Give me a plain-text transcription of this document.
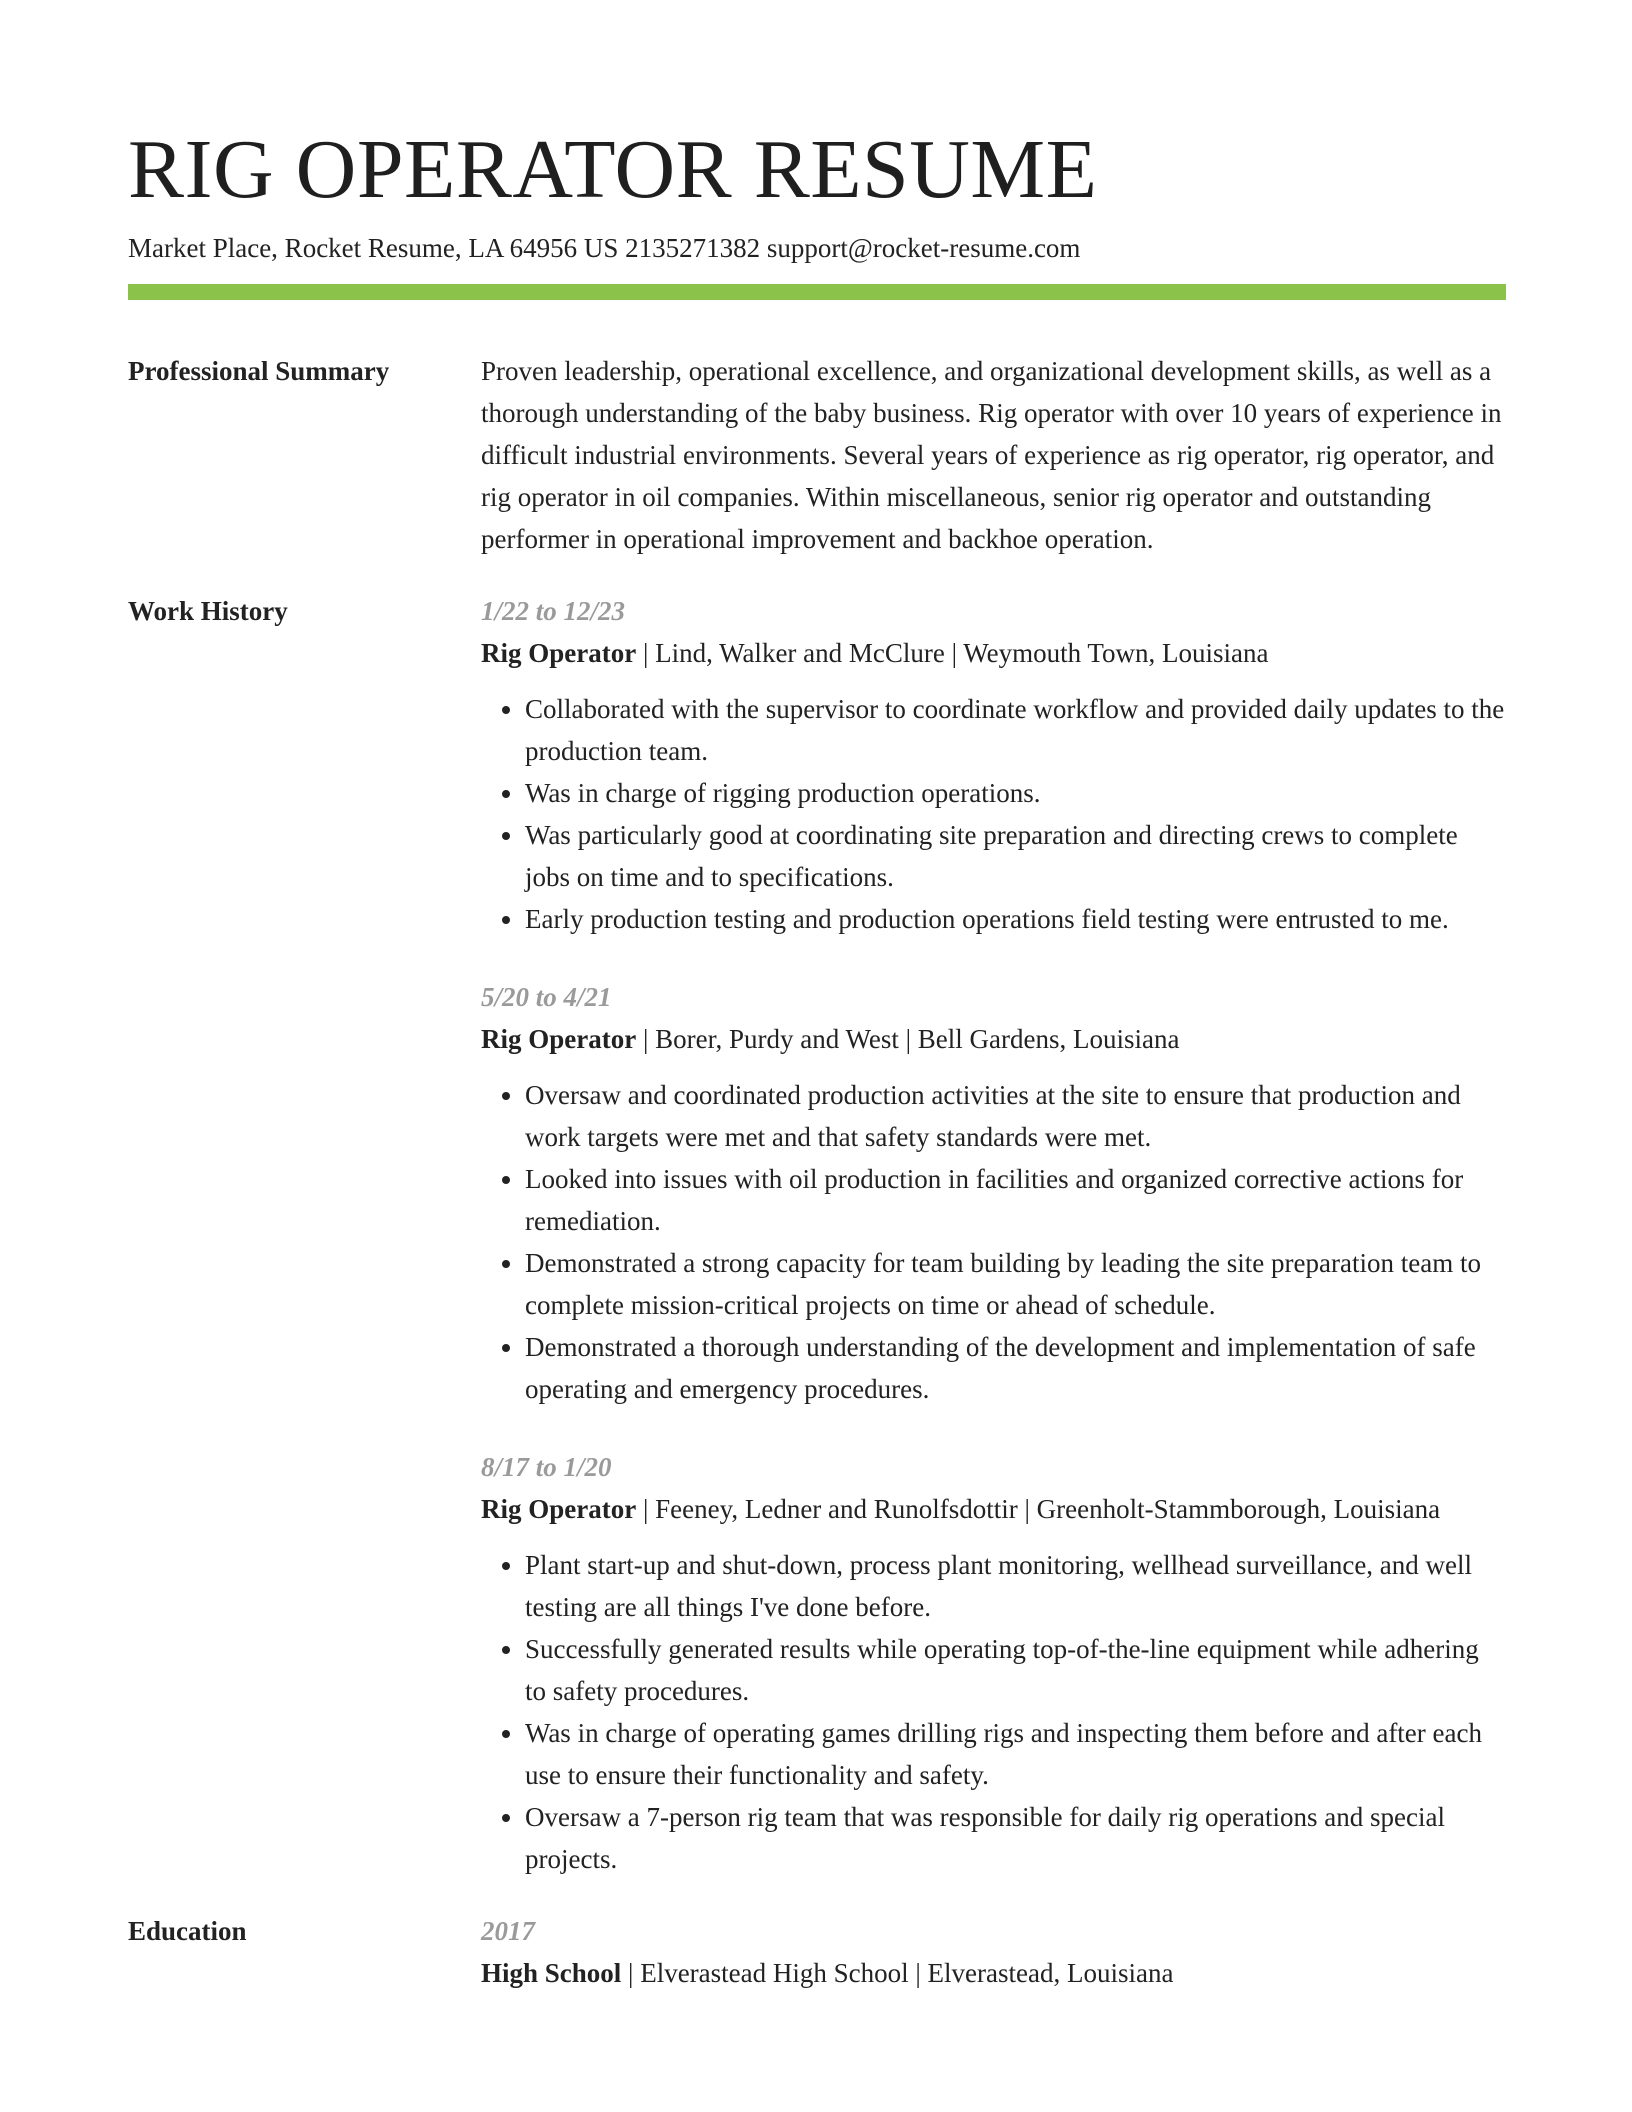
RIG OPERATOR RESUME
Market Place, Rocket Resume, LA 64956 US 2135271382 support@rocket-resume.com
Professional Summary	Proven leadership, operational excellence, and organizational development skills, as well as a thorough understanding of the baby business. Rig operator with over 10 years of experience in difficult industrial environments. Several years of experience as rig operator, rig operator, and rig operator in oil companies. Within miscellaneous, senior rig operator and outstanding performer in operational improvement and backhoe operation.
Work History	1/22 to 12/23
Rig Operator | Lind, Walker and McClure | Weymouth Town, Louisiana
• Collaborated with the supervisor to coordinate workflow and provided daily updates to the production team.
• Was in charge of rigging production operations.
• Was particularly good at coordinating site preparation and directing crews to complete jobs on time and to specifications.
• Early production testing and production operations field testing were entrusted to me.
5/20 to 4/21
Rig Operator | Borer, Purdy and West | Bell Gardens, Louisiana
• Oversaw and coordinated production activities at the site to ensure that production and work targets were met and that safety standards were met.
• Looked into issues with oil production in facilities and organized corrective actions for remediation.
• Demonstrated a strong capacity for team building by leading the site preparation team to complete mission-critical projects on time or ahead of schedule.
• Demonstrated a thorough understanding of the development and implementation of safe operating and emergency procedures.
8/17 to 1/20
Rig Operator | Feeney, Ledner and Runolfsdottir | Greenholt-Stammborough, Louisiana
• Plant start-up and shut-down, process plant monitoring, wellhead surveillance, and well testing are all things I've done before.
• Successfully generated results while operating top-of-the-line equipment while adhering to safety procedures.
• Was in charge of operating games drilling rigs and inspecting them before and after each use to ensure their functionality and safety.
• Oversaw a 7-person rig team that was responsible for daily rig operations and special projects.
Education	2017
High School | Elverastead High School | Elverastead, Louisiana
